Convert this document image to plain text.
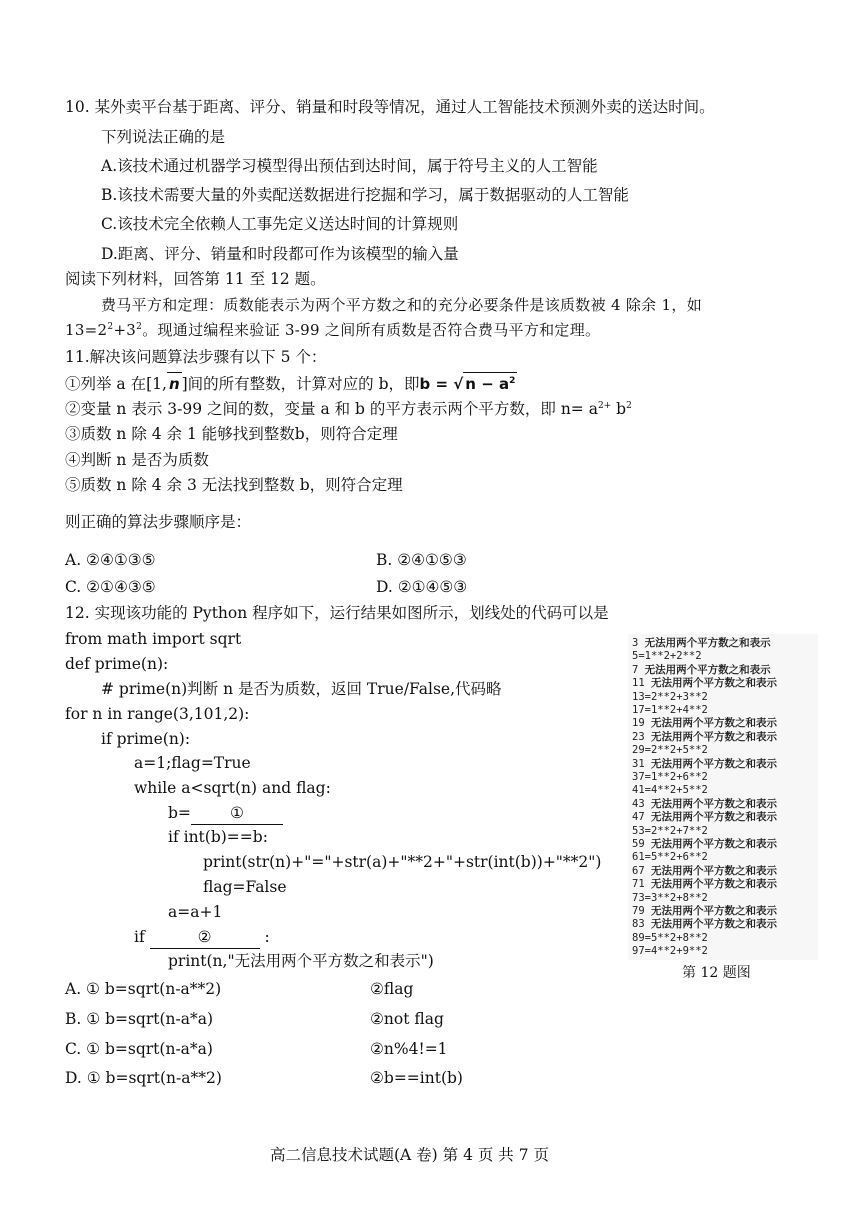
10. 某外卖平台基于距离、评分、销量和时段等情况，通过人工智能技术预测外卖的送达时间。
下列说法正确的是
A.该技术通过机器学习模型得出预估到达时间，属于符号主义的人工智能
B.该技术需要大量的外卖配送数据进行挖掘和学习，属于数据驱动的人工智能
C.该技术完全依赖人工事先定义送达时间的计算规则
D.距离、评分、销量和时段都可作为该模型的输入量
阅读下列材料，回答第 11 至 12 题。
费马平方和定理：质数能表示为两个平方数之和的充分必要条件是该质数被 4 除余 1，如
$13=2^2+3^2$。现通过编程来验证 3-99 之间所有质数是否符合费马平方和定理。
11.解决该问题算法步骤有以下 5 个：
①列举 a 在[1, n ]间的所有整数，计算对应的 b，即b = √ $n - a^2$
②变量 n 表示 3-99 之间的数，变量 a 和 b 的平方表示两个平方数，即 $n= a^{2+}$ $b^2$
③质数 n 除 4 余 1 能够找到整数b，则符合定理
④判断 n 是否为质数
⑤质数 n 除 4 余 3 无法找到整数 b，则符合定理
则正确的算法步骤顺序是：
A. ②④①③⑤	B. ②④①⑤③
C. ②①④③⑤	D. ②①④⑤③
12. 实现该功能的 Python 程序如下，运行结果如图所示，划线处的代码可以是
from math import sqrt
def prime(n):
# prime(n)判断 n 是否为质数，返回 True/False,代码略
for n in range(3,101,2):
if prime(n):
a=1;flag=True
while a<sqrt(n) and flag:
b=	①
if int(b)==b:
print(str(n)+"="+str(a)+"**2+"+str(int(b))+"**2")
flag=False
a=a+1
if	②	:
print(n,"无法用两个平方数之和表示")
3 无法用两个平方数之和表示
5=1**2+2**2
7 无法用两个平方数之和表示
11 无法用两个平方数之和表示
13=2**2+3**2
17=1**2+4**2
19 无法用两个平方数之和表示
23 无法用两个平方数之和表示
29=2**2+5**2
31 无法用两个平方数之和表示
37=1**2+6**2
41=4**2+5**2
43 无法用两个平方数之和表示
47 无法用两个平方数之和表示
53=2**2+7**2
59 无法用两个平方数之和表示
61=5**2+6**2
67 无法用两个平方数之和表示
71 无法用两个平方数之和表示
73=3**2+8**2
79 无法用两个平方数之和表示
83 无法用两个平方数之和表示
89=5**2+8**2
97=4**2+9**2
第 12 题图
A. ① b=sqrt(n-a**2)	②flag
B. ① b=sqrt(n-a*a)	②not flag
C. ① b=sqrt(n-a*a)	②n%4!=1
D. ① b=sqrt(n-a**2)	②b==int(b)
高二信息技术试题(A 卷) 第 4 页 共 7 页
